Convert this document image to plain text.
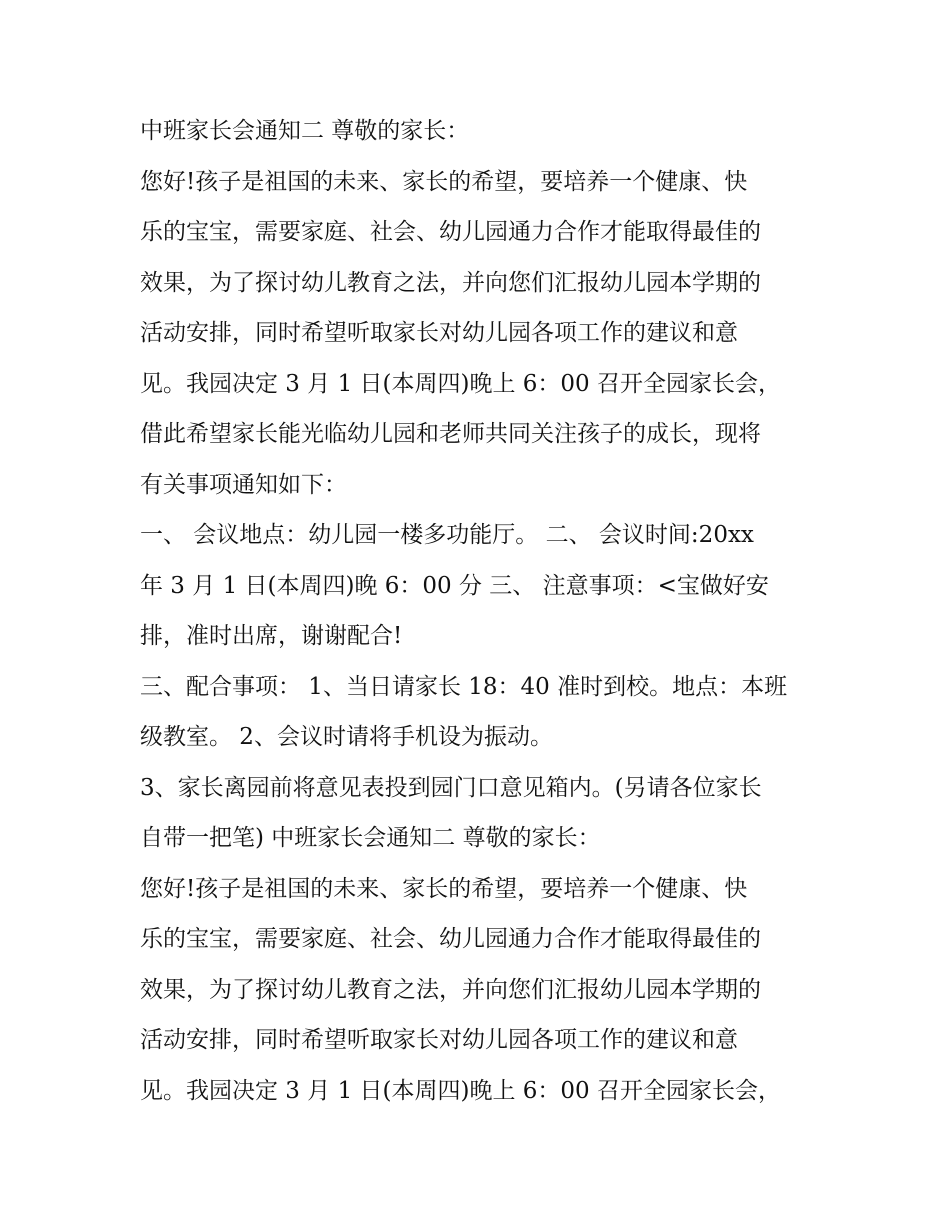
中班家长会通知二 尊敬的家长：
您好!孩子是祖国的未来、家长的希望，要培养一个健康、快
乐的宝宝，需要家庭、社会、幼儿园通力合作才能取得最佳的
效果，为了探讨幼儿教育之法，并向您们汇报幼儿园本学期的
活动安排，同时希望听取家长对幼儿园各项工作的建议和意
见。我园决定 3 月 1 日(本周四)晚上 6：00 召开全园家长会，
借此希望家长能光临幼儿园和老师共同关注孩子的成长，现将
有关事项通知如下：
一、 会议地点：幼儿园一楼多功能厅。 二、 会议时间:20xx
年 3 月 1 日(本周四)晚 6：00 分 三、 注意事项：<宝做好安
排，准时出席，谢谢配合!
三、配合事项： 1、当日请家长 18：40 准时到校。地点：本班
级教室。 2、会议时请将手机设为振动。
3、家长离园前将意见表投到园门口意见箱内。(另请各位家长
自带一把笔) 中班家长会通知二 尊敬的家长：
您好!孩子是祖国的未来、家长的希望，要培养一个健康、快
乐的宝宝，需要家庭、社会、幼儿园通力合作才能取得最佳的
效果，为了探讨幼儿教育之法，并向您们汇报幼儿园本学期的
活动安排，同时希望听取家长对幼儿园各项工作的建议和意
见。我园决定 3 月 1 日(本周四)晚上 6：00 召开全园家长会，
